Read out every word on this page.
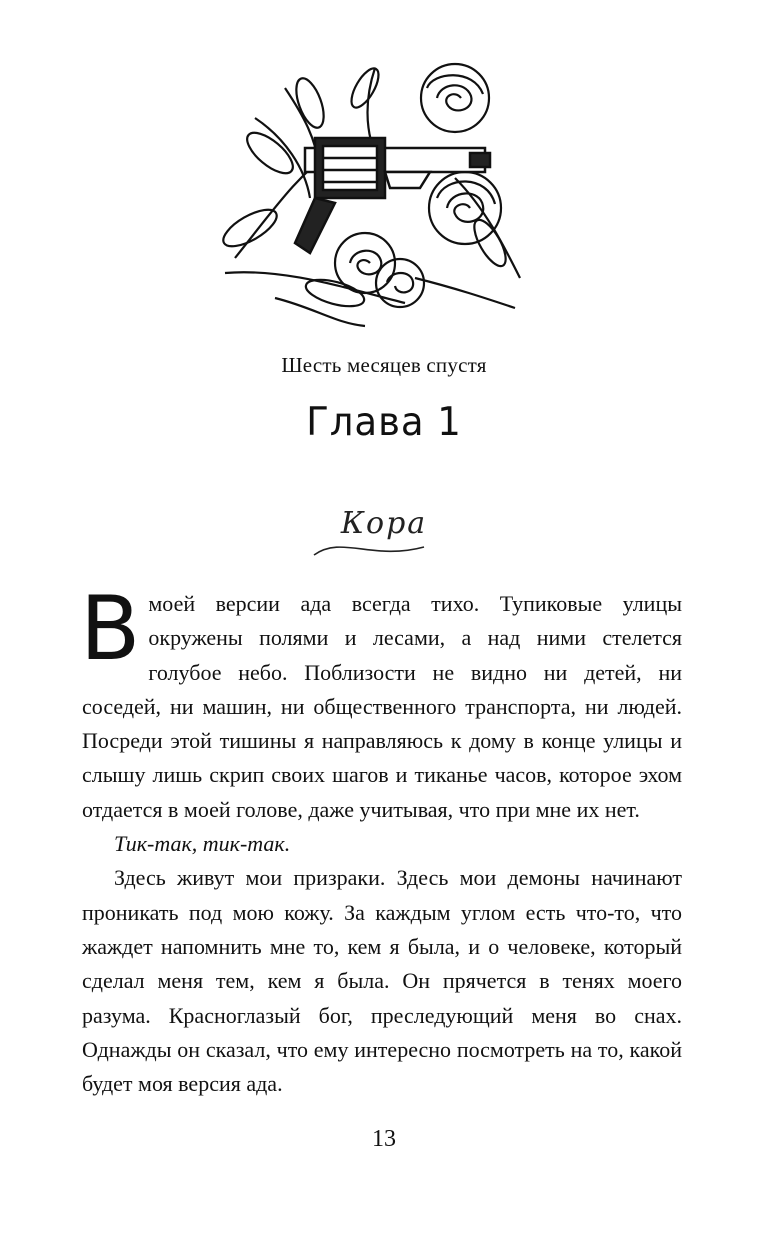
Шесть месяцев спустя
Глава 1
Кора

Вмоей версии ада всегда тихо. Тупиковые улицы окружены полями и лесами, а над ними стелется голубое небо. Поблизости не видно ни детей, ни соседей, ни машин, ни общественного транспорта, ни людей. Посреди этой тишины я направляюсь к дому в конце улицы и слышу лишь скрип своих шагов и тиканье часов, которое эхом отдается в моей голове, даже учитывая, что при мне их нет.

Тик-так, тик-так.

Здесь живут мои призраки. Здесь мои демоны начинают проникать под мою кожу. За каждым углом есть что-то, что жаждет напомнить мне то, кем я была, и о человеке, который сделал меня тем, кем я была. Он прячется в тенях моего разума. Красноглазый бог, преследующий меня во снах. Однажды он сказал, что ему интересно посмотреть на то, какой будет моя версия ада.

13
